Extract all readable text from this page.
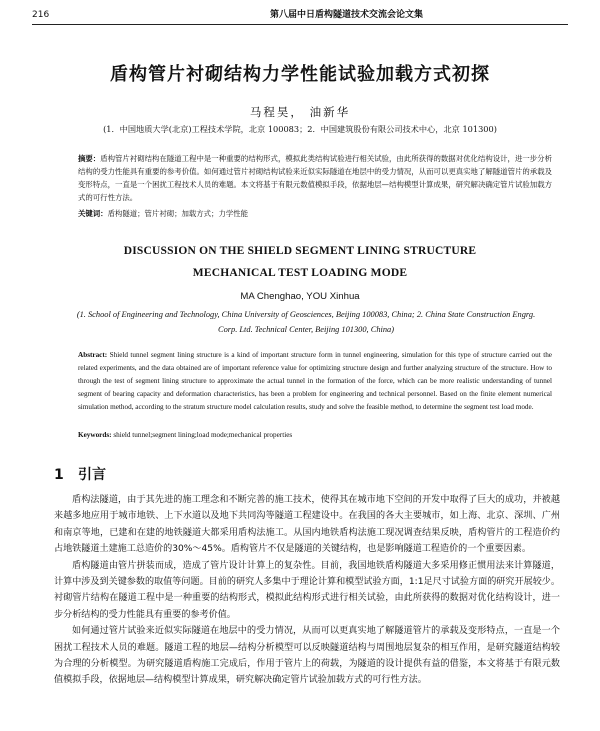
216	第八届中日盾构隧道技术交流会论文集
盾构管片衬砌结构力学性能试验加载方式初探
马程昊， 油新华
(1．中国地质大学(北京)工程技术学院，北京 100083；2．中国建筑股份有限公司技术中心，北京 101300)
摘要：盾构管片衬砌结构在隧道工程中是一种重要的结构形式，模拟此类结构试验进行相关试验，由此所获得的数据对优化结构设计，进一步分析结构的受力性能具有重要的参考价值。如何通过管片衬砌结构试验来近似实际隧道在地层中的受力情况，从而可以更真实地了解隧道管片的承载及变形特点，一直是一个困扰工程技术人员的难题。本文将基于有限元数值模拟手段，依据地层—结构模型计算成果，研究解决确定管片试验加载方式的可行性方法。
关键词：盾构隧道；管片衬砌；加载方式；力学性能
DISCUSSION ON THE SHIELD SEGMENT LINING STRUCTURE
MECHANICAL TEST LOADING MODE
MA Chenghao, YOU Xinhua
(1. School of Engineering and Technology, China University of Geosciences, Beijing 100083, China; 2. China State Construction Engrg. Corp. Ltd. Technical Center, Beijing 101300, China)
Abstract: Shield tunnel segment lining structure is a kind of important structure form in tunnel engineering, simulation for this type of structure carried out the related experiments, and the data obtained are of important reference value for optimizing structure design and further analyzing structure of the structure. How to through the test of segment lining structure to approximate the actual tunnel in the formation of the force, which can be more realistic understanding of tunnel segment of bearing capacity and deformation characteristics, has been a problem for engineering and technical personnel. Based on the finite element numerical simulation method, according to the stratum structure model calculation results, study and solve the feasible method, to determine the segment test load mode.
Keywords: shield tunnel;segment lining;load mode;mechanical properties
1 引言

盾构法隧道，由于其先进的施工理念和不断完善的施工技术，使得其在城市地下空间的开发中取得了巨大的成功，并被越来越多地应用于城市地铁、上下水道以及地下共同沟等隧道工程建设中。在我国的各大主要城市，如上海、北京、深圳、广州和南京等地，已建和在建的地铁隧道大都采用盾构法施工。从国内地铁盾构法施工现况调查结果反映，盾构管片的工程造价约占地铁隧道土建施工总造价的30%～45%。盾构管片不仅是隧道的关键结构，也是影响隧道工程造价的一个重要因素。

盾构隧道由管片拼装而成，造成了管片设计计算上的复杂性。目前，我国地铁盾构隧道大多采用修正惯用法来计算隧道，计算中涉及到关键参数的取值等问题。目前的研究人多集中于理论计算和模型试验方面，1:1足尺寸试验方面的研究开展较少。衬砌管片结构在隧道工程中是一种重要的结构形式，模拟此结构形式进行相关试验，由此所获得的数据对优化结构设计，进一步分析结构的受力性能具有重要的参考价值。

如何通过管片试验来近似实际隧道在地层中的受力情况，从而可以更真实地了解隧道管片的承载及变形特点，一直是一个困扰工程技术人员的难题。隧道工程的地层—结构分析模型可以反映隧道结构与周围地层复杂的相互作用，是研究隧道结构较为合理的分析模型。为研究隧道盾构施工完成后，作用于管片上的荷载，为隧道的设计提供有益的借鉴，本文将基于有限元数值模拟手段，依据地层—结构模型计算成果，研究解决确定管片试验加载方式的可行性方法。
